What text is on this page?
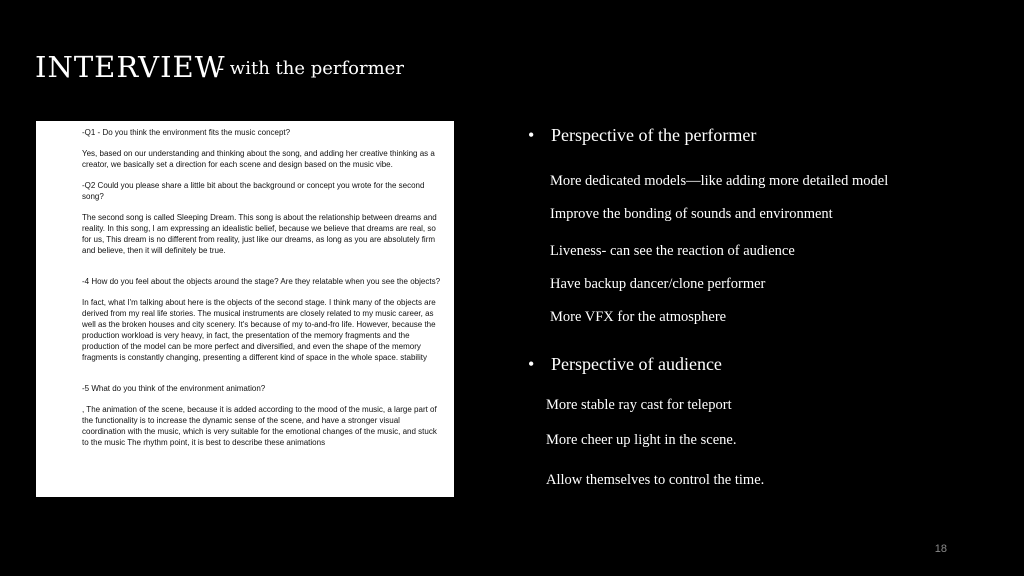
INTERVIEW
- with the performer

-Q1 - Do you think the environment fits the music concept?

Yes, based on our understanding and thinking about the song, and adding her creative thinking as a creator, we basically set a direction for each scene and design based on the music vibe.

-Q2 Could you please share a little bit about the background or concept you wrote for the second song?

The second song is called Sleeping Dream. This song is about the relationship between dreams and reality. In this song, I am expressing an idealistic belief, because we believe that dreams are real, so for us, This dream is no different from reality, just like our dreams, as long as you are absolutely firm and believe, then it will definitely be true.

-4 How do you feel about the objects around the stage? Are they relatable when you see the objects?

In fact, what I'm talking about here is the objects of the second stage. I think many of the objects are derived from my real life stories. The musical instruments are closely related to my music career, as well as the broken houses and city scenery. It's because of my to-and-fro life. However, because the production workload is very heavy, in fact, the presentation of the memory fragments and the production of the model can be more perfect and diversified, and even the shape of the memory fragments is constantly changing, presenting a different kind of space in the whole space. stability

-5 What do you think of the environment animation?

, The animation of the scene, because it is added according to the mood of the music, a large part of the functionality is to increase the dynamic sense of the scene, and have a stronger visual coordination with the music, which is very suitable for the emotional changes of the music, and stuck to the music The rhythm point, it is best to describe these animations

• Perspective of the performer
More dedicated models—like adding more detailed model
Improve the bonding of sounds and environment
Liveness- can see the reaction of audience
Have backup dancer/clone performer
More VFX for the atmosphere
• Perspective of audience
More stable ray cast for teleport
More cheer up light in the scene.
Allow themselves to control the time.
18
